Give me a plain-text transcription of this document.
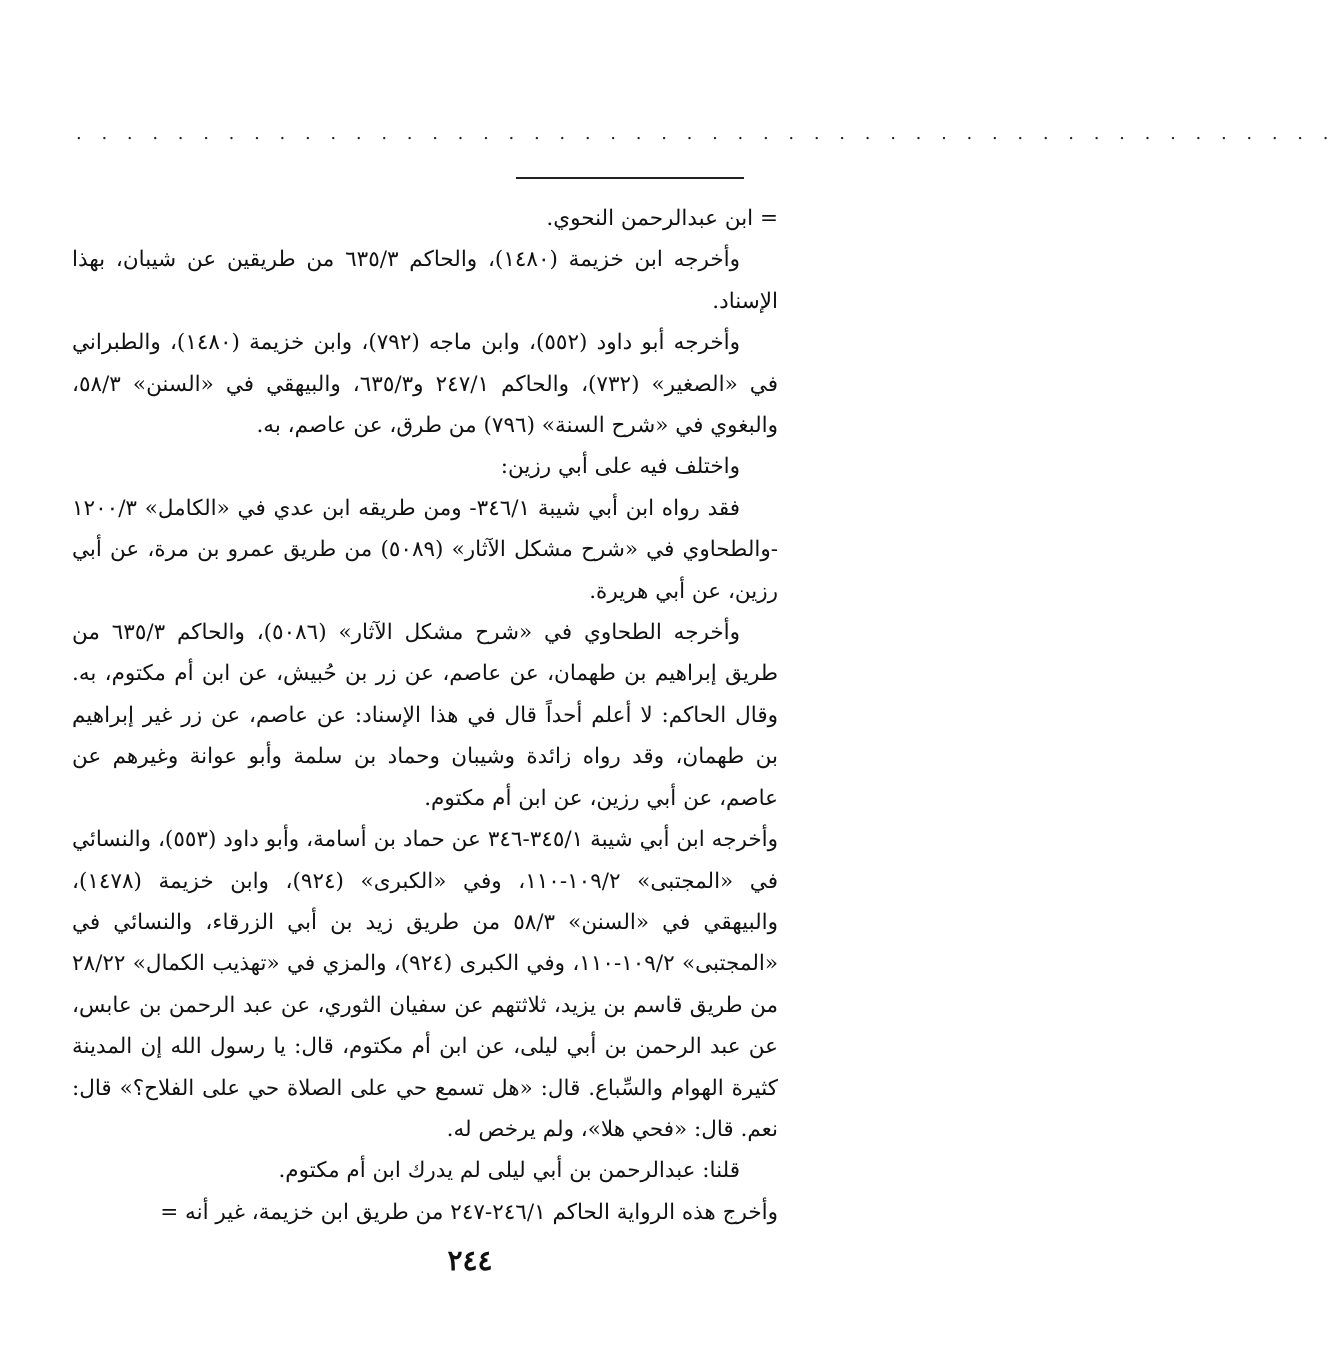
. . . . . . . . . . . . . . . . . . . . . . . . . . . . . . . . . . . . . . . . . . . . . . . . . .

= ابن عبدالرحمن النحوي.

وأخرجه ابن خزيمة (١٤٨٠)، والحاكم ٦٣٥/٣ من طريقين عن شيبان، بهذا الإسناد.

وأخرجه أبو داود (٥٥٢)، وابن ماجه (٧٩٢)، وابن خزيمة (١٤٨٠)، والطبراني في «الصغير» (٧٣٢)، والحاكم ٢٤٧/١ و٦٣٥/٣، والبيهقي في «السنن» ٥٨/٣، والبغوي في «شرح السنة» (٧٩٦) من طرق، عن عاصم، به.

واختلف فيه على أبي رزين:

فقد رواه ابن أبي شيبة ٣٤٦/١- ومن طريقه ابن عدي في «الكامل» ١٢٠٠/٣ -والطحاوي في «شرح مشكل الآثار» (٥٠٨٩) من طريق عمرو بن مرة، عن أبي رزين، عن أبي هريرة.

وأخرجه الطحاوي في «شرح مشكل الآثار» (٥٠٨٦)، والحاكم ٦٣٥/٣ من طريق إبراهيم بن طهمان، عن عاصم، عن زر بن حُبيش، عن ابن أم مكتوم، به. وقال الحاكم: لا أعلم أحداً قال في هذا الإسناد: عن عاصم، عن زر غير إبراهيم بن طهمان، وقد رواه زائدة وشيبان وحماد بن سلمة وأبو عوانة وغيرهم عن عاصم، عن أبي رزين، عن ابن أم مكتوم.

وأخرجه ابن أبي شيبة ٣٤٥/١-٣٤٦ عن حماد بن أسامة، وأبو داود (٥٥٣)، والنسائي في «المجتبى» ١٠٩/٢-١١٠، وفي «الكبرى» (٩٢٤)، وابن خزيمة (١٤٧٨)، والبيهقي في «السنن» ٥٨/٣ من طريق زيد بن أبي الزرقاء، والنسائي في «المجتبى» ١٠٩/٢-١١٠، وفي الكبرى (٩٢٤)، والمزي في «تهذيب الكمال» ٢٨/٢٢ من طريق قاسم بن يزيد، ثلاثتهم عن سفيان الثوري، عن عبد الرحمن بن عابس، عن عبد الرحمن بن أبي ليلى، عن ابن أم مكتوم، قال: يا رسول الله إن المدينة كثيرة الهوام والسِّباع. قال: «هل تسمع حي على الصلاة حي على الفلاح؟» قال: نعم. قال: «فحي هلا»، ولم يرخص له.

قلنا: عبدالرحمن بن أبي ليلى لم يدرك ابن أم مكتوم.

وأخرج هذه الرواية الحاكم ٢٤٦/١-٢٤٧ من طريق ابن خزيمة، غير أنه =

٢٤٤
